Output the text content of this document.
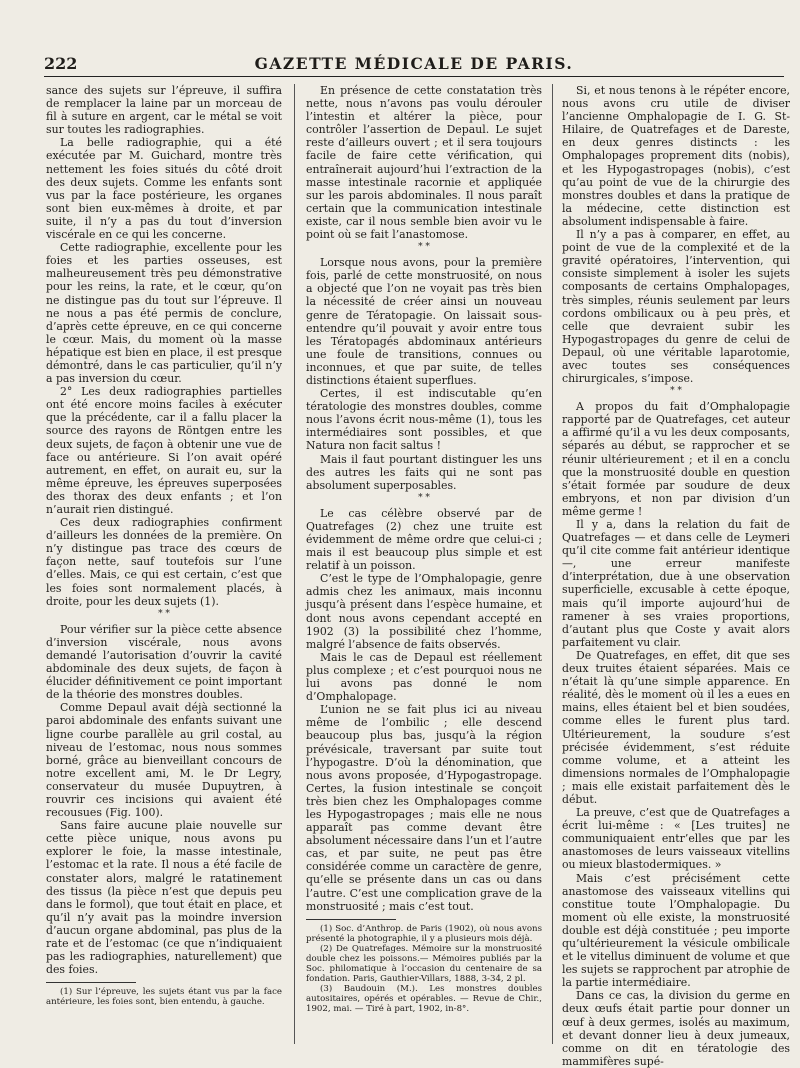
222	GAZETTE MÉDICALE DE PARIS.

sance des sujets sur l’épreuve, il suffira de remplacer la laine par un morceau de fil à suture en argent, car le métal se voit sur toutes les radiographies.

La belle radiographie, qui a été exécutée par M. Guichard, montre très nettement les foies situés du côté droit des deux sujets. Comme les enfants sont vus par la face postérieure, les organes sont bien eux-mêmes à droite, et par suite, il n’y a pas du tout d’inversion viscérale en ce qui les concerne.

Cette radiographie, excellente pour les foies et les parties osseuses, est malheureusement très peu démonstrative pour les reins, la rate, et le cœur, qu’on ne distingue pas du tout sur l’épreuve. Il ne nous a pas été permis de conclure, d’après cette épreuve, en ce qui concerne le cœur. Mais, du moment où la masse hépatique est bien en place, il est presque démontré, dans le cas particulier, qu’il n’y a pas inversion du cœur.

2° Les deux radiographies partielles ont été encore moins faciles à exécuter que la précédente, car il a fallu placer la source des rayons de Röntgen entre les deux sujets, de façon à obtenir une vue de face ou antérieure. Si l’on avait opéré autrement, en effet, on aurait eu, sur la même épreuve, les épreuves superposées des thorax des deux enfants ; et l’on n’aurait rien distingué.

Ces deux radiographies confirment d’ailleurs les données de la première. On n’y distingue pas trace des cœurs de façon nette, sauf toutefois sur l’une d’elles. Mais, ce qui est certain, c’est que les foies sont normalement placés, à droite, pour les deux sujets (1).

* *

Pour vérifier sur la pièce cette absence d’inversion viscérale, nous avons demandé l’autorisation d’ouvrir la cavité abdominale des deux sujets, de façon à élucider définitivement ce point important de la théorie des monstres doubles.

Comme Depaul avait déjà sectionné la paroi abdominale des enfants suivant une ligne courbe parallèle au gril costal, au niveau de l’estomac, nous nous sommes borné, grâce au bienveillant concours de notre excellent ami, M. le Dr Legry, conservateur du musée Dupuytren, à rouvrir ces incisions qui avaient été recousues (Fig. 100).

Sans faire aucune plaie nouvelle sur cette pièce unique, nous avons pu explorer le foie, la masse intestinale, l’estomac et la rate. Il nous a été facile de constater alors, malgré le ratatinement des tissus (la pièce n’est que depuis peu dans le formol), que tout était en place, et qu’il n’y avait pas la moindre inversion d’aucun organe abdominal, pas plus de la rate et de l’estomac (ce que n’indiquaient pas les radiographies, naturellement) que des foies.

(1) Sur l’épreuve, les sujets étant vus par la face antérieure, les foies sont, bien entendu, à gauche.

En présence de cette constatation très nette, nous n’avons pas voulu dérouler l’intestin et altérer la pièce, pour contrôler l’assertion de Depaul. Le sujet reste d’ailleurs ouvert ; et il sera toujours facile de faire cette vérification, qui entraînerait aujourd’hui l’extraction de la masse intestinale racornie et appliquée sur les parois abdominales. Il nous paraît certain que la communication intestinale existe, car il nous semble bien avoir vu le point où se fait l’anastomose.

* *

Lorsque nous avons, pour la première fois, parlé de cette monstruosité, on nous a objecté que l’on ne voyait pas très bien la nécessité de créer ainsi un nouveau genre de Tératopagie. On laissait sous-entendre qu’il pouvait y avoir entre tous les Tératopagés abdominaux antérieurs une foule de transitions, connues ou inconnues, et que par suite, de telles distinctions étaient superflues.

Certes, il est indiscutable qu’en tératologie des monstres doubles, comme nous l’avons écrit nous-même (1), tous les intermédiaires sont possibles, et que Natura non facit saltus !

Mais il faut pourtant distinguer les uns des autres les faits qui ne sont pas absolument superposables.

* *

Le cas célèbre observé par de Quatrefages (2) chez une truite est évidemment de même ordre que celui-ci ; mais il est beaucoup plus simple et est relatif à un poisson.

C’est le type de l’Omphalopagie, genre admis chez les animaux, mais inconnu jusqu’à présent dans l’espèce humaine, et dont nous avons cependant accepté en 1902 (3) la possibilité chez l’homme, malgré l’absence de faits observés.

Mais le cas de Depaul est réellement plus complexe ; et c’est pourquoi nous ne lui avons pas donné le nom d’Omphalopage.

L’union ne se fait plus ici au niveau même de l’ombilic ; elle descend beaucoup plus bas, jusqu’à la région prévésicale, traversant par suite tout l’hypogastre. D’où la dénomination, que nous avons proposée, d’Hypogastropage. Certes, la fusion intestinale se conçoit très bien chez les Omphalopages comme les Hypogastropages ; mais elle ne nous apparaît pas comme devant être absolument nécessaire dans l’un et l’autre cas, et par suite, ne peut pas être considérée comme un caractère de genre, qu’elle se présente dans un cas ou dans l’autre. C’est une complication grave de la monstruosité ; mais c’est tout.

(1) Soc. d’Anthrop. de Paris (1902), où nous avons présenté la photographie, il y a plusieurs mois déjà.

(2) De Quatrefages. Mémoire sur la monstruosité double chez les poissons.— Mémoires publiés par la Soc. philomatique à l’occasion du centenaire de sa fondation. Paris, Gauthier-Villars, 1888, 3-34, 2 pl.

(3) Baudouin (M.). Les monstres doubles autositaires, opérés et opérables. — Revue de Chir., 1902, mai. — Tiré à part, 1902, in-8°.

Si, et nous tenons à le répéter encore, nous avons cru utile de diviser l’ancienne Omphalopagie de I. G. St-Hilaire, de Quatrefages et de Dareste, en deux genres distincts : les Omphalopages proprement dits (nobis), et les Hypogastropages (nobis), c’est qu’au point de vue de la chirurgie des monstres doubles et dans la pratique de la médecine, cette distinction est absolument indispensable à faire.

Il n’y a pas à comparer, en effet, au point de vue de la complexité et de la gravité opératoires, l’intervention, qui consiste simplement à isoler les sujets composants de certains Omphalopages, très simples, réunis seulement par leurs cordons ombilicaux ou à peu près, et celle que devraient subir les Hypogastropages du genre de celui de Depaul, où une véritable laparotomie, avec toutes ses conséquences chirurgicales, s’impose.

* *

A propos du fait d’Omphalopagie rapporté par de Quatrefages, cet auteur a affirmé qu’il a vu les deux composants, séparés au début, se rapprocher et se réunir ultérieurement ; et il en a conclu que la monstruosité double en question s’était formée par soudure de deux embryons, et non par division d’un même germe !

Il y a, dans la relation du fait de Quatrefages — et dans celle de Leymeri qu’il cite comme fait antérieur identique —, une erreur manifeste d’interprétation, due à une observation superficielle, excusable à cette époque, mais qu’il importe aujourd’hui de ramener à ses vraies proportions, d’autant plus que Coste y avait alors parfaitement vu clair.

De Quatrefages, en effet, dit que ses deux truites étaient séparées. Mais ce n’était là qu’une simple apparence. En réalité, dès le moment où il les a eues en mains, elles étaient bel et bien soudées, comme elles le furent plus tard. Ultérieurement, la soudure s’est précisée évidemment, s’est réduite comme volume, et a atteint les dimensions normales de l’Omphalopagie ; mais elle existait parfaitement dès le début.

La preuve, c’est que de Quatrefages a écrit lui-même : « [Les truites] ne communiquaient entr’elles que par les anastomoses de leurs vaisseaux vitellins ou mieux blastodermiques. »

Mais c’est précisément cette anastomose des vaisseaux vitellins qui constitue toute l’Omphalopagie. Du moment où elle existe, la monstruosité double est déjà constituée ; peu importe qu’ultérieurement la vésicule ombilicale et le vitellus diminuent de volume et que les sujets se rapprochent par atrophie de la partie intermédiaire.

Dans ce cas, la division du germe en deux œufs était partie pour donner un œuf à deux germes, isolés au maximum, et devant donner lieu à deux jumeaux, comme on dit en tératologie des mammifères supé-
